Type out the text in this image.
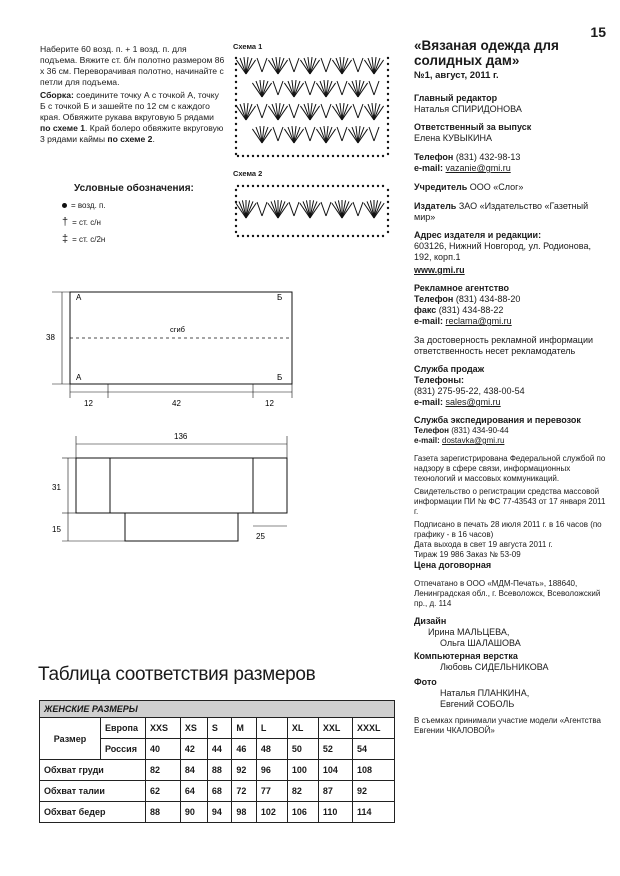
15

Наберите 60 возд. п. + 1 возд. п. для подъема. Вяжите ст. б/н полотно размером 86 х 36 см. Переворачивая полотно, начинайте с петли для подъема.

Сборка: соедините точку А с точкой А, точку Б с точкой Б и зашейте по 12 см с каждого края. Обвяжите рукава вкруговую 5 рядами по схеме 1. Край болеро обвяжите вкруговую 3 рядами каймы по схеме 2.

Схема 1
Схема 2
Условные обозначения:
= возд. п.
† = ст. с/н
‡ = ст. с/2н
А	Б
А	Б
сгиб
38
12	42	12
136
31
15
25
«Вязаная одежда для солидных дам»
№1, август, 2011 г.
Главный редактор
Наталья СПИРИДОНОВА
Ответственный за выпуск
Елена КУВЫКИНА
Телефон (831) 432-98-13
e-mail: vazanie@gmi.ru
Учредитель ООО «Слог»
Издатель ЗАО «Издательство «Газетный мир»
Адрес издателя и редакции:
603126, Нижний Новгород, ул. Родионова, 192, корп.1
www.gmi.ru
Рекламное агентство
Телефон (831) 434-88-20
факс (831) 434-88-22
e-mail: reclama@gmi.ru
За достоверность рекламной информации ответственность несет рекламодатель
Служба продаж
Телефоны:
(831) 275-95-22, 438-00-54
e-mail: sales@gmi.ru
Служба экспедирования и перевозок
Телефон (831) 434-90-44
e-mail: dostavka@gmi.ru
Газета зарегистрирована Федеральной службой по надзору в сфере связи, информационных технологий и массовых коммуникаций.
Свидетельство о регистрации средства массовой информации ПИ № ФС 77-43543 от 17 января 2011 г.
Подписано в печать 28 июля 2011 г. в 16 часов (по графику - в 16 часов)
Дата выхода в свет 19 августа 2011 г.
Тираж 19 986 Заказ № 53-09
Цена договорная
Отпечатано в ООО «МДМ-Печать», 188640, Ленинградская обл., г. Всеволожск, Всеволожский пр., д. 114
Дизайн
Ирина МАЛЬЦЕВА,
Ольга ШАЛАШОВА
Компьютерная верстка
Любовь СИДЕЛЬНИКОВА
Фото
Наталья ПЛАНКИНА,
Евгений СОБОЛЬ
В съемках принимали участие модели «Агентства Евгении ЧКАЛОВОЙ»
Таблица соответствия размеров
ЖЕНСКИЕ РАЗМЕРЫ									
Размер	Европа	XXS	XS	S	M	L	XL	XXL	XXXL
	Россия	40	42	44	46	48	50	52	54
Обхват груди		82	84	88	92	96	100	104	108
Обхват талии		62	64	68	72	77	82	87	92
Обхват бедер		88	90	94	98	102	106	110	114
